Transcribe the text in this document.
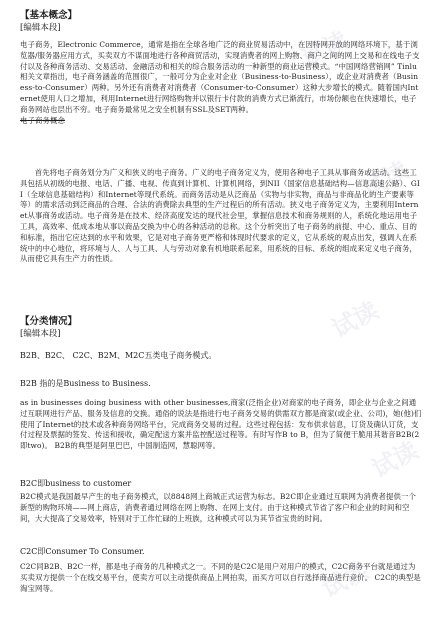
【基本概念】
[编辑本段]

电子商务，Electronic Commerce，通常是指在全球各地广泛的商业贸易活动中，在因特网开放的网络环境下，基于浏览器/服务器应用方式，买卖双方不谋面地进行各种商贸活动，实现消费者的网上购物、商户之间的网上交易和在线电子支付以及各种商务活动、交易活动、金融活动和相关的综合服务活动的一种新型的商业运营模式。“中国网络营销网” Tinlu相关文章指出，电子商务涵盖的范围很广，一般可分为企业对企业（Business-to-Business），或企业对消费者（Business-to-Consumer）两种。另外还有消费者对消费者（Consumer-to-Consumer）这种大步增长的模式。随着国内Internet使用人口之增加，利用Internet进行网络购物并以银行卡付款的消费方式已渐流行，市场份额也在快速增长，电子商务网站也层出不穷。电子商务最常见之安全机制有SSL及SET两种。

电子商务概念

首先将电子商务划分为广义和狭义的电子商务。广义的电子商务定义为，使用各种电子工具从事商务或活动。这些工具包括从初级的电报、电话、广播、电视、传真到计算机、计算机网络，到NII（国家信息基础结构—信息高速公路）、GII（全球信息基础结构）和Internet等现代系统。而商务活动是从泛商品（实物与非实物，商品与非商品化的生产要素等等）的需求活动到泛商品的合理、合法的消费除去典型的生产过程后的所有活动。狭义电子商务定义为，主要利用Internet从事商务或活动。电子商务是在技术、经济高度发达的现代社会里，掌握信息技术和商务规则的人，系统化地运用电子工具，高效率、低成本地从事以商品交换为中心的各种活动的总称。这个分析突出了电子商务的前提、中心、重点、目的和标准，指出它应达到的水平和效果，它是对电子商务更严格和体现时代要求的定义，它从系统的观点出发，强调人在系统中的中心地位，将环境与人、人与工具、人与劳动对象有机地联系起来，用系统的目标、系统的组成来定义电子商务，从而使它具有生产力的性质。

【分类情况】
[编辑本段]
B2B、B2C、 C2C、B2M、M2C五类电子商务模式。
B2B 指的是Business to Business.

as in businesses doing business with other businesses,商家(泛指企业)对商家的电子商务，即企业与企业之间通过互联网进行产品、服务及信息的交换。通俗的说法是指进行电子商务交易的供需双方都是商家(或企业、公司)，她(他)们使用了Internet的技术或各种商务网络平台，完成商务交易的过程。这些过程包括：发布供求信息，订货及确认订货，支付过程及票据的签发、传送和接收，确定配送方案并监控配送过程等。有时写作B to B，但为了简便干脆用其谐音B2B(2即two)。 B2B的典型是阿里巴巴，中国制造网，慧聪网等。

B2C即business to customer

B2C模式是我国最早产生的电子商务模式，以8848网上商城正式运营为标志。B2C即企业通过互联网为消费者提供一个新型的购物环境——网上商店，消费者通过网络在网上购物、在网上支付。由于这种模式节省了客户和企业的时间和空间，大大提高了交易效率，特别对于工作忙碌的上班族，这种模式可以为其节省宝贵的时间。

C2C即Consumer To Consumer.

C2C同B2B、B2C一样，都是电子商务的几种模式之一。不同的是C2C是用户对用户的模式，C2C商务平台就是通过为买卖双方提供一个在线交易平台，使卖方可以主动提供商品上网拍卖，而买方可以自行选择商品进行竞价。 C2C的典型是淘宝网等。

试读
试读
试读
试读
试读
